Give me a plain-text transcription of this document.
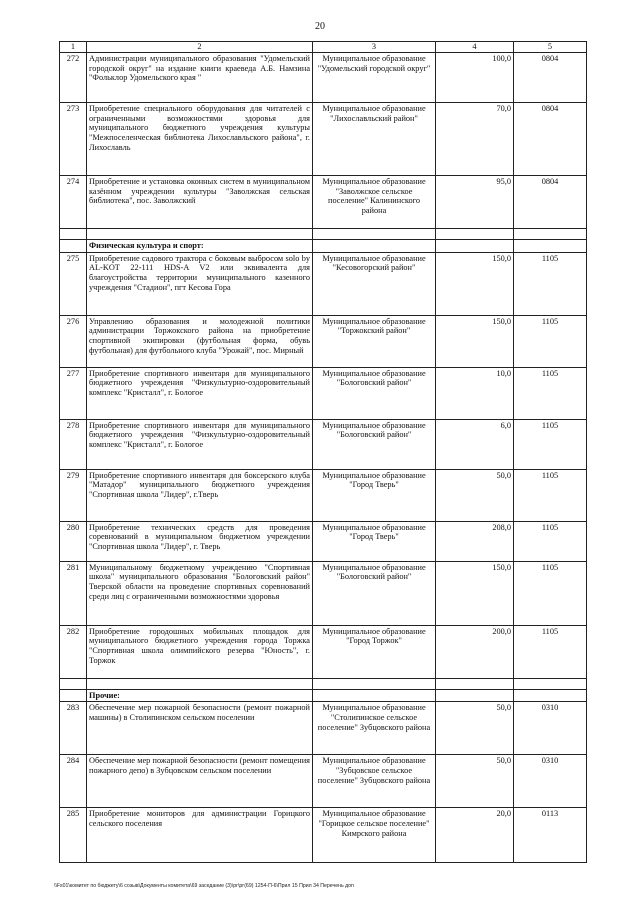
20
1	2	3	4	5
272	Администрации муниципального образования "Удомельский городской округ" на издание книги краеведа А.Б. Намзина "Фольклор Удомельского края "	Муниципальное образование "Удомельский городской округ"	100,0	0804
273	Приобретение специального оборудования для читателей с ограниченными возможностями здоровья для муниципального бюджетного учреждения культуры "Межпоселенческая библиотека Лихославльского района", г. Лихославль	Муниципальное образование "Лихославльский район"	70,0	0804
274	Приобретение и установка оконных систем в муниципальном казённом учреждении культуры "Заволжская сельская библиотека", пос. Заволжский	Муниципальное образование "Заволжское сельское поселение" Калининского района	95,0	0804

	Физическая культура и спорт:			
275	Приобретение садового трактора с боковым выбросом solo by AL-KOT 22-111 HDS-A V2 или эквивалента для благоустройства территории муниципального казенного учреждения "Стадион", пгт Кесова Гора	Муниципальное образование "Кесовогорский район"	150,0	1105
276	Управлению образования и молодежной политики администрации Торжокского района на приобретение спортивной экипировки (футбольная форма, обувь футбольная) для футбольного клуба "Урожай", пос. Мирный	Муниципальное образование "Торжокский район"	150,0	1105
277	Приобретение спортивного инвентаря для муниципального бюджетного учреждения "Физкультурно-оздоровительный комплекс "Кристалл", г. Бологое	Муниципальное образование "Бологовский район"	10,0	1105
278	Приобретение спортивного инвентаря для муниципального бюджетного учреждения "Физкультурно-оздоровительный комплекс "Кристалл", г. Бологое	Муниципальное образование "Бологовский район"	6,0	1105
279	Приобретение спортивного инвентаря для боксерского клуба "Матадор" муниципального бюджетного учреждения "Спортивная школа "Лидер", г.Тверь	Муниципальное образование "Город Тверь"	50,0	1105
280	Приобретение технических средств для проведения соревнований в муниципальном бюджетном учреждении "Спортивная школа "Лидер", г. Тверь	Муниципальное образование "Город Тверь"	208,0	1105
281	Муниципальному бюджетному учреждению "Спортивная школа" муниципального образования "Бологовский район" Тверской области на проведение спортивных соревнований среди лиц с ограниченными возможностями здоровья	Муниципальное образование "Бологовский район"	150,0	1105
282	Приобретение городошных мобильных площадок для муниципального бюджетного учреждения города Торжка "Спортивная школа олимпийского резерва "Юность", г. Торжок	Муниципальное образование "Город Торжок"	200,0	1105

	Прочие:			
283	Обеспечение мер пожарной безопасности (ремонт пожарной машины) в Столипинском сельском поселении	Муниципальное образование "Столипинское сельское поселение" Зубцовского района	50,0	0310
284	Обеспечение мер пожарной безопасности (ремонт помещения пожарного депо) в Зубцовском сельском поселении	Муниципальное образование "Зубцовское сельское поселение" Зубцовского района	50,0	0310
285	Приобретение мониторов для администрации Горицкого сельского поселения	Муниципальное образование "Горицкое сельское поселение" Кимрского района	20,0	0113
\\Fs01\комитет по бюджету\6 созыв\Документы комитета\69 заседание (3)\рг\рг(69) 1254-П-6\Прил 15 Прил 34 Перечень доп
